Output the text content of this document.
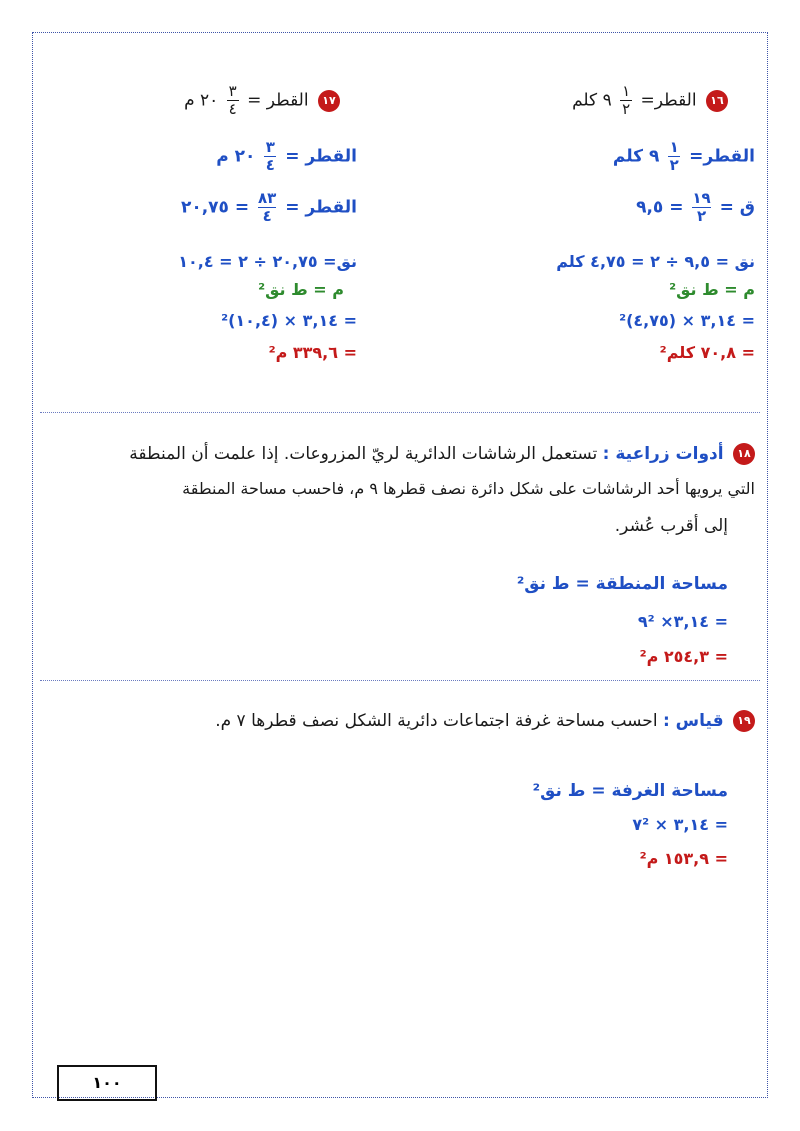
١٦ القطر=
$\frac{١}{٢}$
٩ كلم
القطر=
$\frac{١}{٢}$
٩ كلم
ق =
$\frac{١٩}{٢}$
= ٩,٥
نق = ٩,٥ ÷ ٢ = ٤,٧٥ كلم
م = ط نق²
= ٣,١٤ × (٤,٧٥)²
= ٧٠,٨ كلم²
١٧ القطر =
$\frac{٣}{٤}$
٢٠ م
القطر =
$\frac{٣}{٤}$
٢٠ م
القطر =
$\frac{٨٣}{٤}$
= ٢٠,٧٥
نق= ٢٠,٧٥ ÷ ٢ = ١٠,٤
م = ط نق²
= ٣,١٤ × (١٠,٤)²
= ٣٣٩,٦ م²
١٨ أدوات زراعية : تستعمل الرشاشات الدائرية لريّ المزروعات. إذا علمت أن المنطقة
التي يرويها أحد الرشاشات على شكل دائرة نصف قطرها ٩ م، فاحسب مساحة المنطقة
إلى أقرب عُشر.
مساحة المنطقة = ط نق²
= ٣,١٤× ٩²
= ٢٥٤,٣ م²
١٩ قياس : احسب مساحة غرفة اجتماعات دائرية الشكل نصف قطرها ٧ م.
مساحة الغرفة = ط نق²
= ٣,١٤ × ٧²
١٠٠
= ١٥٣,٩ م²
